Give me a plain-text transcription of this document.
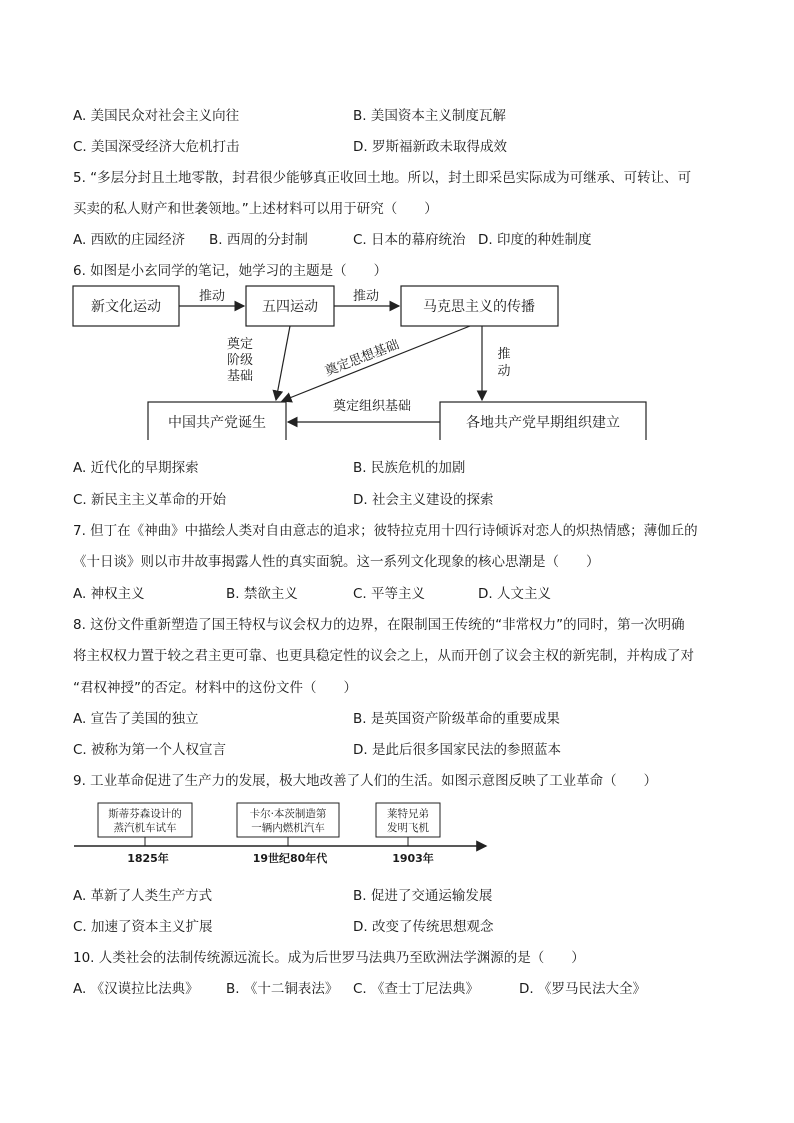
A. 美国民众对社会主义向往	B. 美国资本主义制度瓦解
C. 美国深受经济大危机打击	D. 罗斯福新政未取得成效
5. “多层分封且土地零散，封君很少能够真正收回土地。所以，封土即采邑实际成为可继承、可转让、可
买卖的私人财产和世袭领地。”上述材料可以用于研究（　　）
A. 西欧的庄园经济 B. 西周的分封制	C. 日本的幕府统治 D. 印度的种姓制度
6. 如图是小玄同学的笔记，她学习的主题是（　　）
新文化运动	五四运动	马克思主义的传播
中国共产党诞生	各地共产党早期组织建立
推动	推动
奠定
阶级
基础	奠定思想基础	推
动
奠定组织基础
A. 近代化的早期探索	B. 民族危机的加剧
C. 新民主主义革命的开始	D. 社会主义建设的探索
7. 但丁在《神曲》中描绘人类对自由意志的追求；彼特拉克用十四行诗倾诉对恋人的炽热情感；薄伽丘的
《十日谈》则以市井故事揭露人性的真实面貌。这一系列文化现象的核心思潮是（　　）
A. 神权主义	B. 禁欲主义	C. 平等主义	D. 人文主义
8. 这份文件重新塑造了国王特权与议会权力的边界，在限制国王传统的“非常权力”的同时，第一次明确
将主权权力置于较之君主更可靠、也更具稳定性的议会之上，从而开创了议会主权的新宪制，并构成了对
“君权神授”的否定。材料中的这份文件（　　）
A. 宣告了美国的独立	B. 是英国资产阶级革命的重要成果
C. 被称为第一个人权宣言	D. 是此后很多国家民法的参照蓝本
9. 工业革命促进了生产力的发展，极大地改善了人们的生活。如图示意图反映了工业革命（　　）
斯蒂芬森设计的
蒸汽机车试车
卡尔·本茨制造第
一辆内燃机汽车
莱特兄弟
发明飞机
1825年	19世纪80年代	1903年
A. 革新了人类生产方式	B. 促进了交通运输发展
C. 加速了资本主义扩展	D. 改变了传统思想观念
10. 人类社会的法制传统源远流长。成为后世罗马法典乃至欧洲法学渊源的是（　　）
A. 《汉谟拉比法典》 B. 《十二铜表法》 C. 《查士丁尼法典》	D. 《罗马民法大全》
